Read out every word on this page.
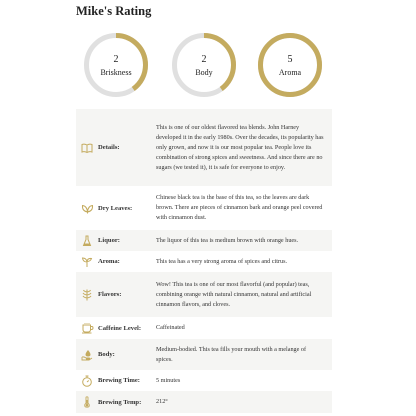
Mike's Rating
2
Briskness
2
Body
5
Aroma
Details:
This is one of our oldest flavored tea blends. John Harney developed it in the early 1980s. Over the decades, its popularity has only grown, and now it is our most popular tea. People love its combination of strong spices and sweetness. And since there are no sugars (we tested it), it is safe for everyone to enjoy.
Dry Leaves:
Chinese black tea is the base of this tea, so the leaves are dark brown. There are pieces of cinnamon bark and orange peel covered with cinnamon dust.
Liquor:	The liquor of this tea is medium brown with orange hues.
Aroma:	This tea has a very strong aroma of spices and citrus.
Flavors:
Wow! This tea is one of our most flavorful (and popular) teas, combining orange with natural cinnamon, natural and artificial cinnamon flavors, and cloves.
Caffeine Level:	Caffeinated
Body:
Medium-bodied. This tea fills your mouth with a melange of spices.
Brewing Time:	5 minutes
Brewing Temp:	212°
